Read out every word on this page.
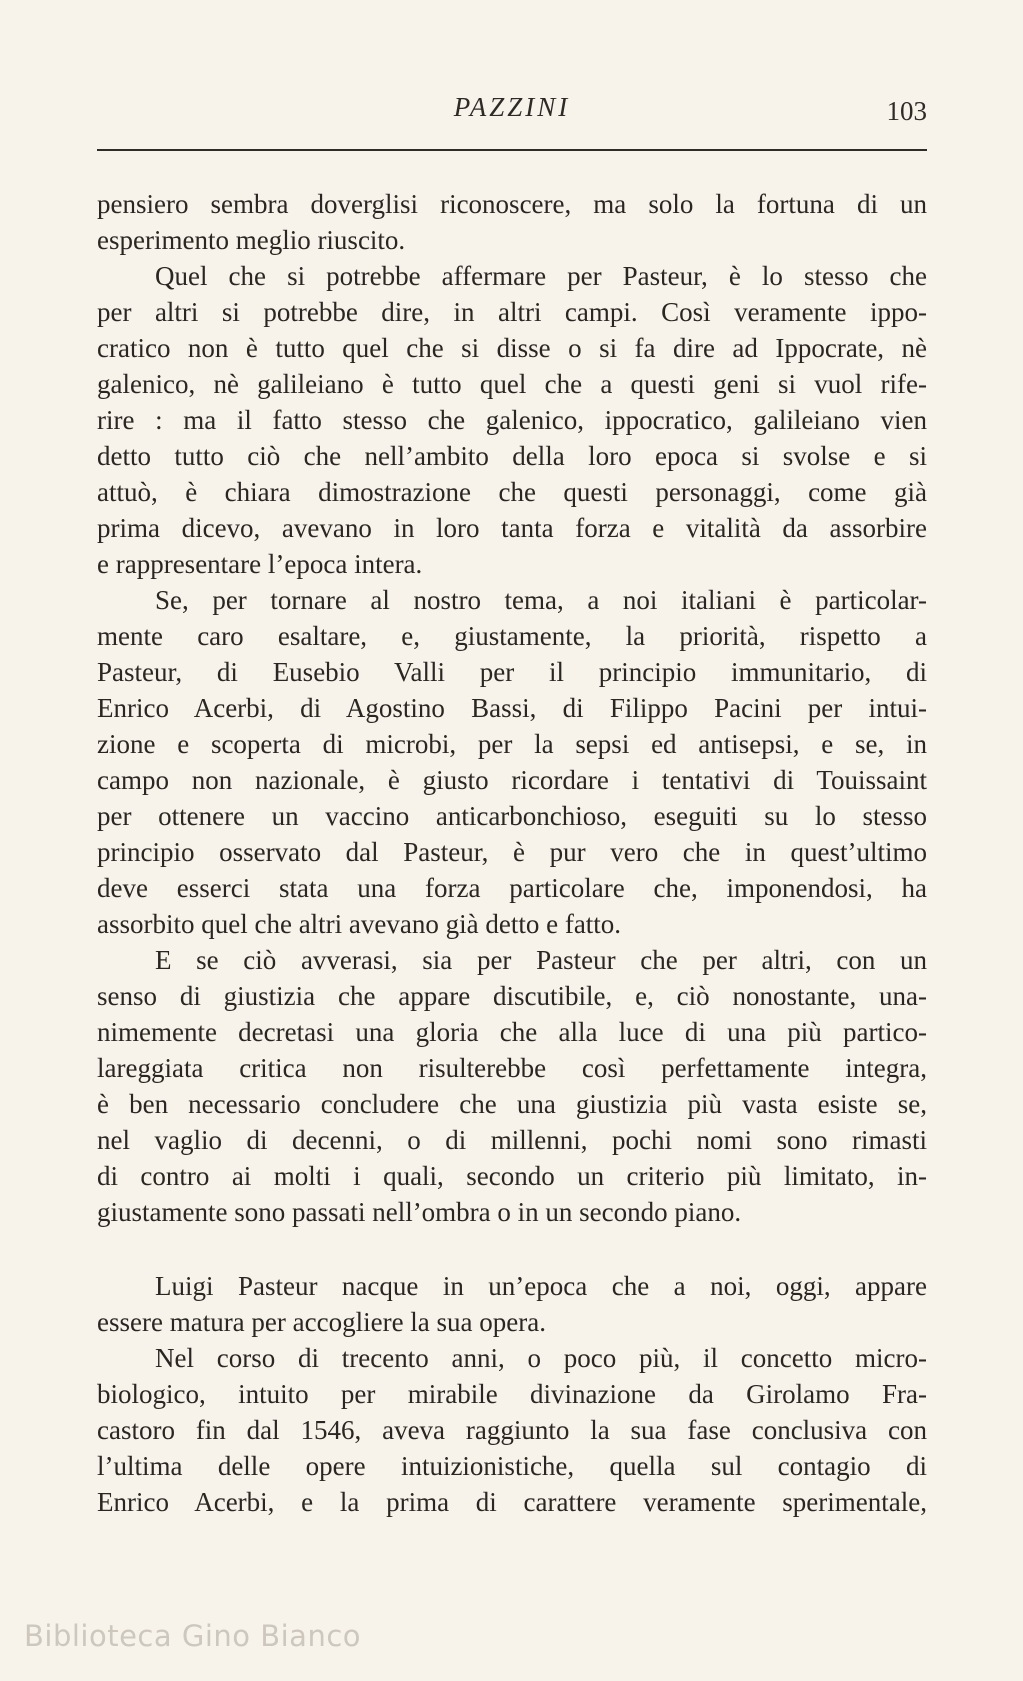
PAZZINI	103
pensiero sembra doverglisi riconoscere, ma solo la fortuna di un
esperimento meglio riuscito.
Quel che si potrebbe affermare per Pasteur, è lo stesso che
per altri si potrebbe dire, in altri campi. Così veramente ippo-
cratico non è tutto quel che si disse o si fa dire ad Ippocrate, nè
galenico, nè galileiano è tutto quel che a questi geni si vuol rife-
rire : ma il fatto stesso che galenico, ippocratico, galileiano vien
detto tutto ciò che nell’ambito della loro epoca si svolse e si
attuò, è chiara dimostrazione che questi personaggi, come già
prima dicevo, avevano in loro tanta forza e vitalità da assorbire
e rappresentare l’epoca intera.
Se, per tornare al nostro tema, a noi italiani è particolar-
mente caro esaltare, e, giustamente, la priorità, rispetto a
Pasteur, di Eusebio Valli per il principio immunitario, di
Enrico Acerbi, di Agostino Bassi, di Filippo Pacini per intui-
zione e scoperta di microbi, per la sepsi ed antisepsi, e se, in
campo non nazionale, è giusto ricordare i tentativi di Touissaint
per ottenere un vaccino anticarbonchioso, eseguiti su lo stesso
principio osservato dal Pasteur, è pur vero che in quest’ultimo
deve esserci stata una forza particolare che, imponendosi, ha
assorbito quel che altri avevano già detto e fatto.
E se ciò avverasi, sia per Pasteur che per altri, con un
senso di giustizia che appare discutibile, e, ciò nonostante, una-
nimemente decretasi una gloria che alla luce di una più partico-
lareggiata critica non risulterebbe così perfettamente integra,
è ben necessario concludere che una giustizia più vasta esiste se,
nel vaglio di decenni, o di millenni, pochi nomi sono rimasti
di contro ai molti i quali, secondo un criterio più limitato, in-
giustamente sono passati nell’ombra o in un secondo piano.
Luigi Pasteur nacque in un’epoca che a noi, oggi, appare
essere matura per accogliere la sua opera.
Nel corso di trecento anni, o poco più, il concetto micro-
biologico, intuito per mirabile divinazione da Girolamo Fra-
castoro fin dal 1546, aveva raggiunto la sua fase conclusiva con
l’ultima delle opere intuizionistiche, quella sul contagio di
Enrico Acerbi, e la prima di carattere veramente sperimentale,
Biblioteca Gino Bianco
